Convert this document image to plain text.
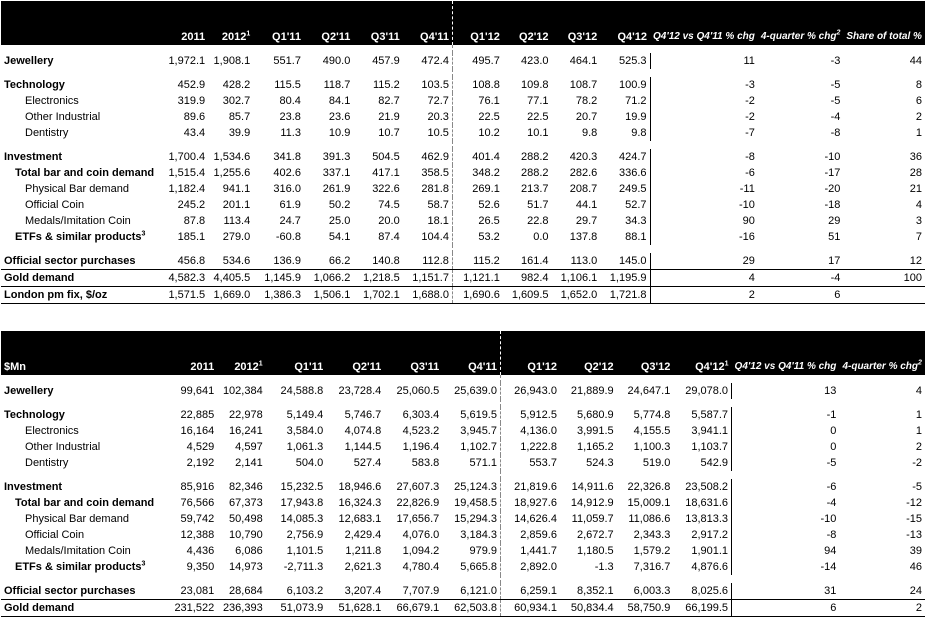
	2011	2012$^1$	Q1'11	Q2'11	Q3'11	Q4'11	Q1'12	Q2'12	Q3'12	Q4'12	Q4'12 vs Q4'11 % chg	4-quarter % chg$^2$	Share of total %

Jewellery	1,972.1	1,908.1	551.7	490.0	457.9	472.4	495.7	423.0	464.1	525.3	11	-3	44

Technology	452.9	428.2	115.5	118.7	115.2	103.5	108.8	109.8	108.7	100.9	-3	-5	8
Electronics	319.9	302.7	80.4	84.1	82.7	72.7	76.1	77.1	78.2	71.2	-2	-5	6
Other Industrial	89.6	85.7	23.8	23.6	21.9	20.3	22.5	22.5	20.7	19.9	-2	-4	2
Dentistry	43.4	39.9	11.3	10.9	10.7	10.5	10.2	10.1	9.8	9.8	-7	-8	1

Investment	1,700.4	1,534.6	341.8	391.3	504.5	462.9	401.4	288.2	420.3	424.7	-8	-10	36
Total bar and coin demand	1,515.4	1,255.6	402.6	337.1	417.1	358.5	348.2	288.2	282.6	336.6	-6	-17	28
Physical Bar demand	1,182.4	941.1	316.0	261.9	322.6	281.8	269.1	213.7	208.7	249.5	-11	-20	21
Official Coin	245.2	201.1	61.9	50.2	74.5	58.7	52.6	51.7	44.1	52.7	-10	-18	4
Medals/Imitation Coin	87.8	113.4	24.7	25.0	20.0	18.1	26.5	22.8	29.7	34.3	90	29	3
ETFs & similar products$^3$	185.1	279.0	-60.8	54.1	87.4	104.4	53.2	0.0	137.8	88.1	-16	51	7

Official sector purchases	456.8	534.6	136.9	66.2	140.8	112.8	115.2	161.4	113.0	145.0	29	17	12
Gold demand	4,582.3	4,405.5	1,145.9	1,066.2	1,218.5	1,151.7	1,121.1	982.4	1,106.1	1,195.9	4	-4	100
London pm fix, $/oz	1,571.5	1,669.0	1,386.3	1,506.1	1,702.1	1,688.0	1,690.6	1,609.5	1,652.0	1,721.8	2	6	
$Mn	2011	2012$^1$	Q1'11	Q2'11	Q3'11	Q4'11	Q1'12	Q2'12	Q3'12	$Q4'12^1$	Q4'12 vs Q4'11 % chg	4-quarter % chg$^2$

Jewellery	99,641	102,384	24,588.8	23,728.4	25,060.5	25,639.0	26,943.0	21,889.9	24,647.1	29,078.0	13	4

Technology	22,885	22,978	5,149.4	5,746.7	6,303.4	5,619.5	5,912.5	5,680.9	5,774.8	5,587.7	-1	1
Electronics	16,164	16,241	3,584.0	4,074.8	4,523.2	3,945.7	4,136.0	3,991.5	4,155.5	3,941.1	0	1
Other Industrial	4,529	4,597	1,061.3	1,144.5	1,196.4	1,102.7	1,222.8	1,165.2	1,100.3	1,103.7	0	2
Dentistry	2,192	2,141	504.0	527.4	583.8	571.1	553.7	524.3	519.0	542.9	-5	-2

Investment	85,916	82,346	15,232.5	18,946.6	27,607.3	25,124.3	21,819.6	14,911.6	22,326.8	23,508.2	-6	-5
Total bar and coin demand	76,566	67,373	17,943.8	16,324.3	22,826.9	19,458.5	18,927.6	14,912.9	15,009.1	18,631.6	-4	-12
Physical Bar demand	59,742	50,498	14,085.3	12,683.1	17,656.7	15,294.3	14,626.4	11,059.7	11,086.6	13,813.3	-10	-15
Official Coin	12,388	10,790	2,756.9	2,429.4	4,076.0	3,184.3	2,859.6	2,672.7	2,343.3	2,917.2	-8	-13
Medals/Imitation Coin	4,436	6,086	1,101.5	1,211.8	1,094.2	979.9	1,441.7	1,180.5	1,579.2	1,901.1	94	39
ETFs & similar products$^3$	9,350	14,973	-2,711.3	2,621.3	4,780.4	5,665.8	2,892.0	-1.3	7,316.7	4,876.6	-14	46

Official sector purchases	23,081	28,684	6,103.2	3,207.4	7,707.9	6,121.0	6,259.1	8,352.1	6,003.3	8,025.6	31	24
Gold demand	231,522	236,393	51,073.9	51,628.1	66,679.1	62,503.8	60,934.1	50,834.4	58,750.9	66,199.5	6	2
